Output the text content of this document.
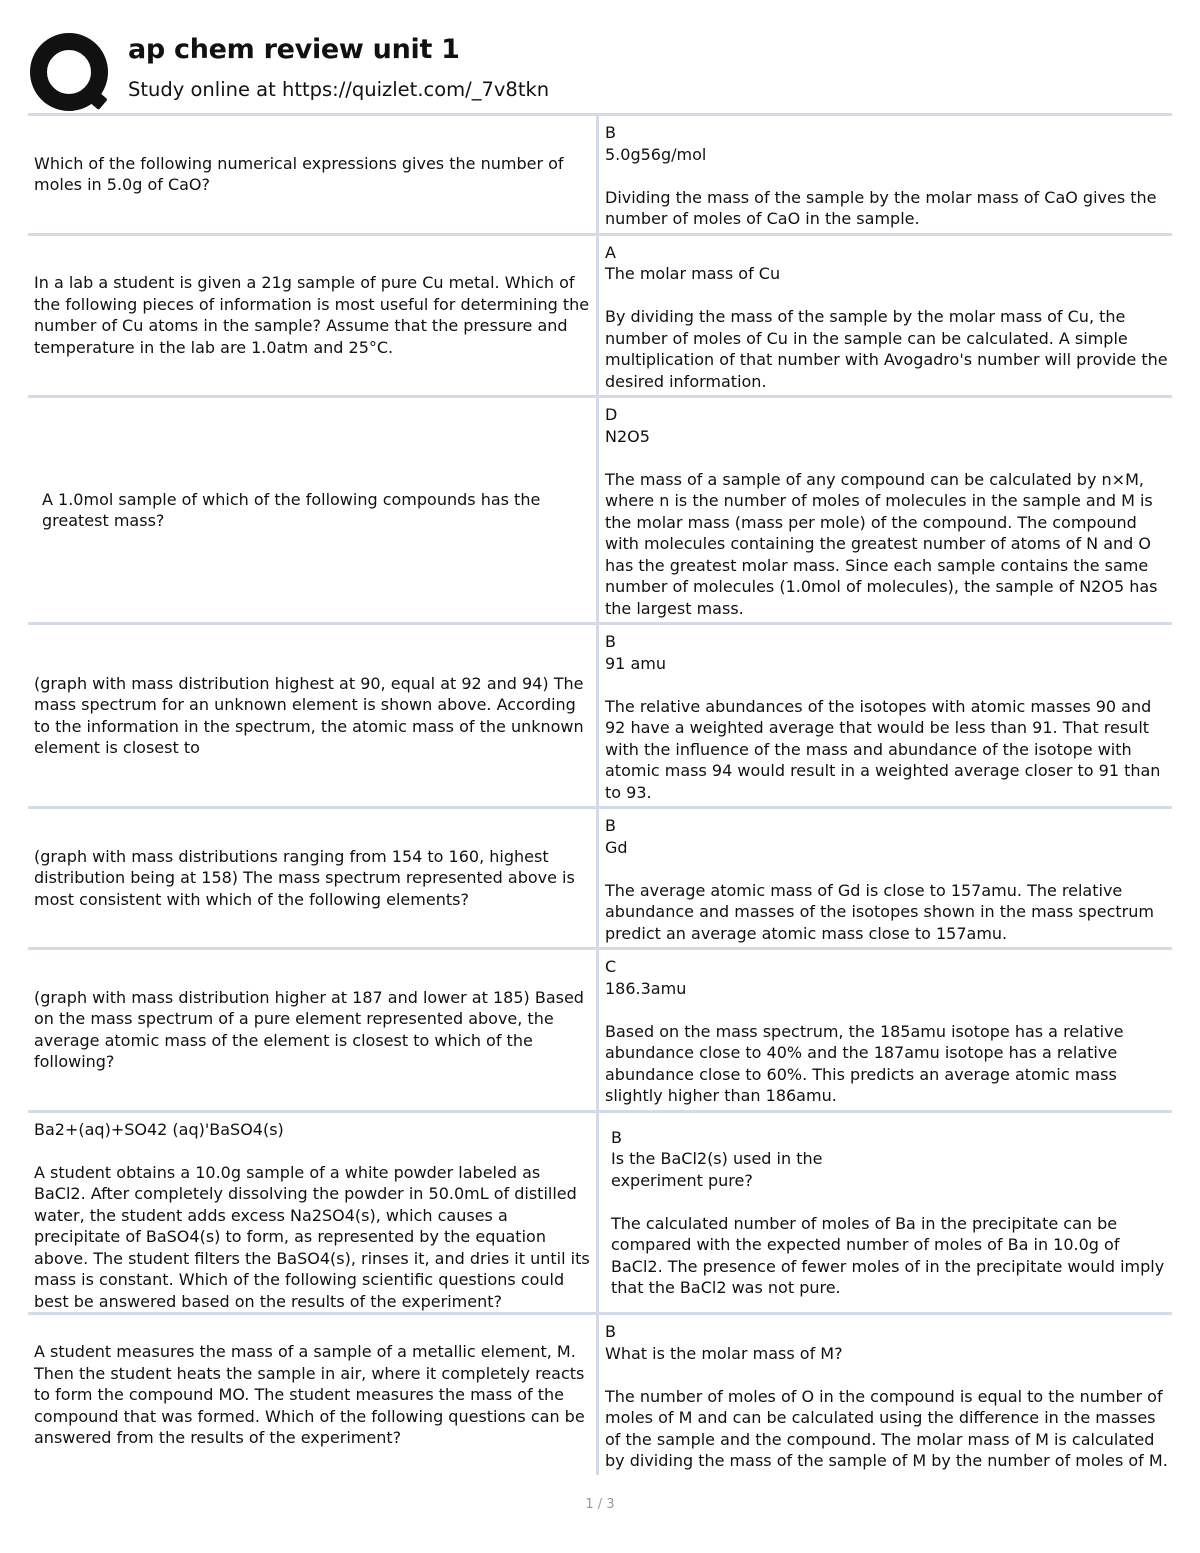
ap chem review unit 1
Study online at https://quizlet.com/_7v8tkn
Which of the following numerical expressions gives the number of moles in 5.0g of CaO?
B
5.0g56g/mol
Dividing the mass of the sample by the molar mass of CaO gives the number of moles of CaO in the sample.
In a lab a student is given a 21g sample of pure Cu metal. Which of the following pieces of information is most useful for determining the number of Cu atoms in the sample? Assume that the pressure and temperature in the lab are 1.0atm and 25°C.
A
The molar mass of Cu
By dividing the mass of the sample by the molar mass of Cu, the number of moles of Cu in the sample can be calculated. A simple multiplication of that number with Avogadro's number will provide the desired information.
A 1.0mol sample of which of the following compounds has the greatest mass?
D
N2O5
The mass of a sample of any compound can be calculated by n×M, where n is the number of moles of molecules in the sample and M is the molar mass (mass per mole) of the compound. The compound with molecules containing the greatest number of atoms of N and O has the greatest molar mass. Since each sample contains the same number of molecules (1.0mol of molecules), the sample of N2O5 has the largest mass.
(graph with mass distribution highest at 90, equal at 92 and 94) The mass spectrum for an unknown element is shown above. According to the information in the spectrum, the atomic mass of the unknown element is closest to
B
91 amu
The relative abundances of the isotopes with atomic masses 90 and 92 have a weighted average that would be less than 91. That result with the influence of the mass and abundance of the isotope with atomic mass 94 would result in a weighted average closer to 91 than to 93.
(graph with mass distributions ranging from 154 to 160, highest distribution being at 158) The mass spectrum represented above is most consistent with which of the following elements?
B
Gd
The average atomic mass of Gd is close to 157amu. The relative abundance and masses of the isotopes shown in the mass spectrum predict an average atomic mass close to 157amu.
(graph with mass distribution higher at 187 and lower at 185) Based on the mass spectrum of a pure element represented above, the average atomic mass of the element is closest to which of the following?
C
186.3amu
Based on the mass spectrum, the 185amu isotope has a relative abundance close to 40% and the 187amu isotope has a relative abundance close to 60%. This predicts an average atomic mass slightly higher than 186amu.
Ba2+(aq)+SO42 (aq)'BaSO4(s)
A student obtains a 10.0g sample of a white powder labeled as BaCl2. After completely dissolving the powder in 50.0mL of distilled water, the student adds excess Na2SO4(s), which causes a precipitate of BaSO4(s) to form, as represented by the equation above. The student filters the BaSO4(s), rinses it, and dries it until its mass is constant. Which of the following scientific questions could best be answered based on the results of the experiment?
B
Is the BaCl2(s) used in the experiment pure?
The calculated number of moles of Ba in the precipitate can be compared with the expected number of moles of Ba in 10.0g of BaCl2. The presence of fewer moles of in the precipitate would imply that the BaCl2 was not pure.
A student measures the mass of a sample of a metallic element, M. Then the student heats the sample in air, where it completely reacts to form the compound MO. The student measures the mass of the compound that was formed. Which of the following questions can be answered from the results of the experiment?
B
What is the molar mass of M?
The number of moles of O in the compound is equal to the number of moles of M and can be calculated using the difference in the masses of the sample and the compound. The molar mass of M is calculated by dividing the mass of the sample of M by the number of moles of M.
1 / 3
